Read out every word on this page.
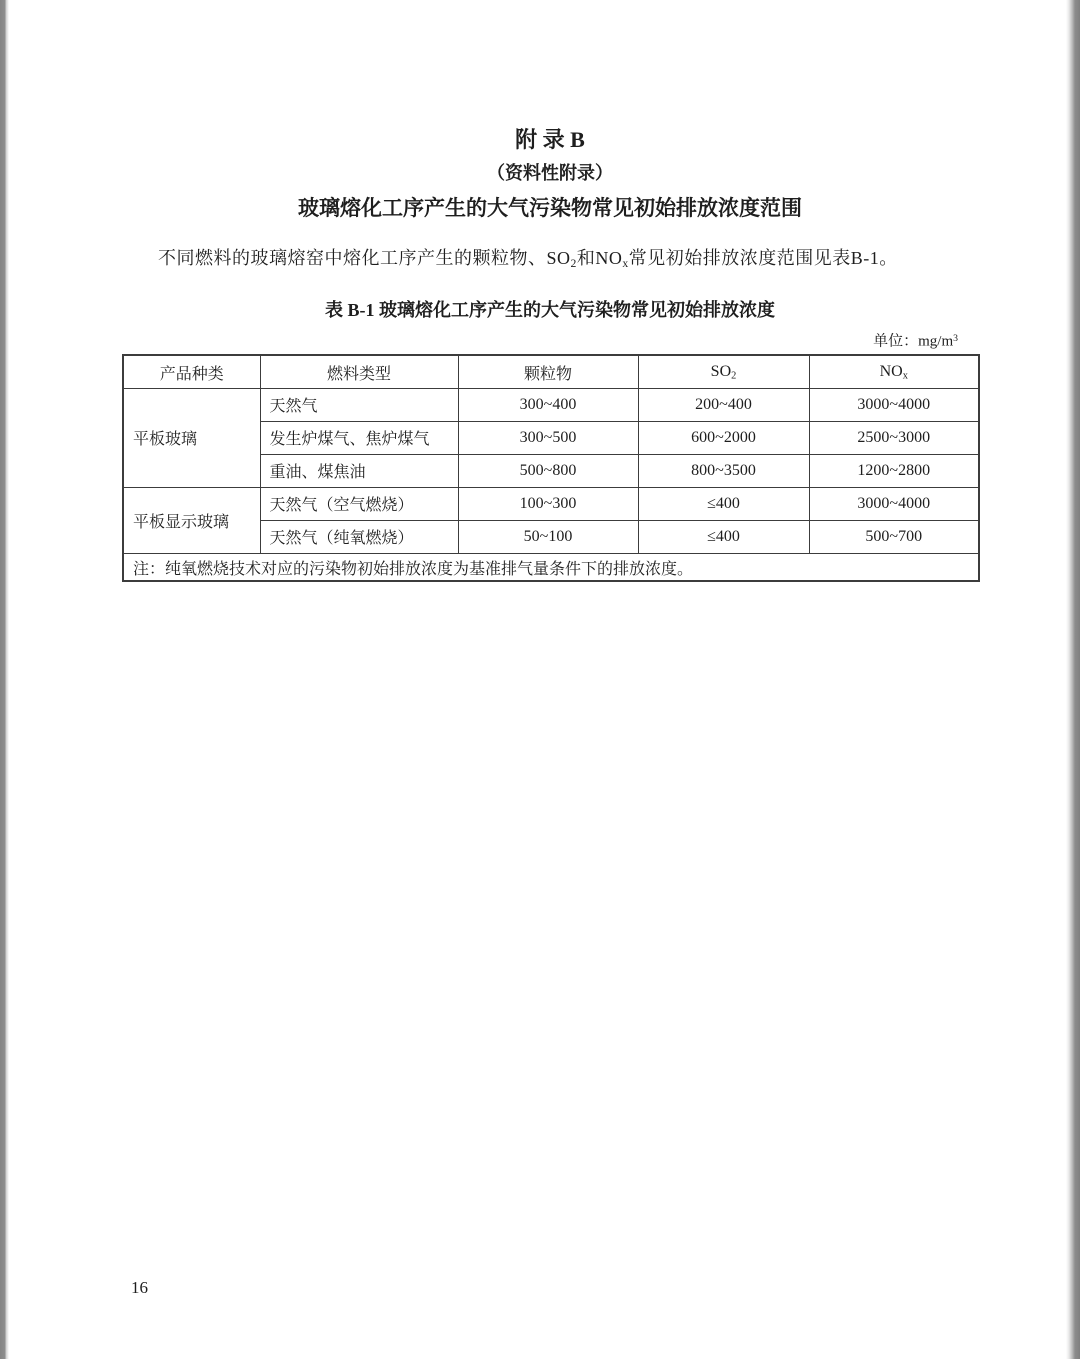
附 录 B
（资料性附录）
玻璃熔化工序产生的大气污染物常见初始排放浓度范围
不同燃料的玻璃熔窑中熔化工序产生的颗粒物、$SO_2$和$NO_x$常见初始排放浓度范围见表B-1。
表 B-1 玻璃熔化工序产生的大气污染物常见初始排放浓度
单位：$mg/m^3$
产品种类	燃料类型	颗粒物	$SO_2$	$NO_x$
平板玻璃	天然气	300~400	200~400	3000~4000
	发生炉煤气、焦炉煤气	300~500	600~2000	2500~3000
	重油、煤焦油	500~800	800~3500	1200~2800
平板显示玻璃	天然气（空气燃烧）	100~300	≤400	3000~4000
	天然气（纯氧燃烧）	50~100	≤400	500~700
注：纯氧燃烧技术对应的污染物初始排放浓度为基准排气量条件下的排放浓度。				
16
